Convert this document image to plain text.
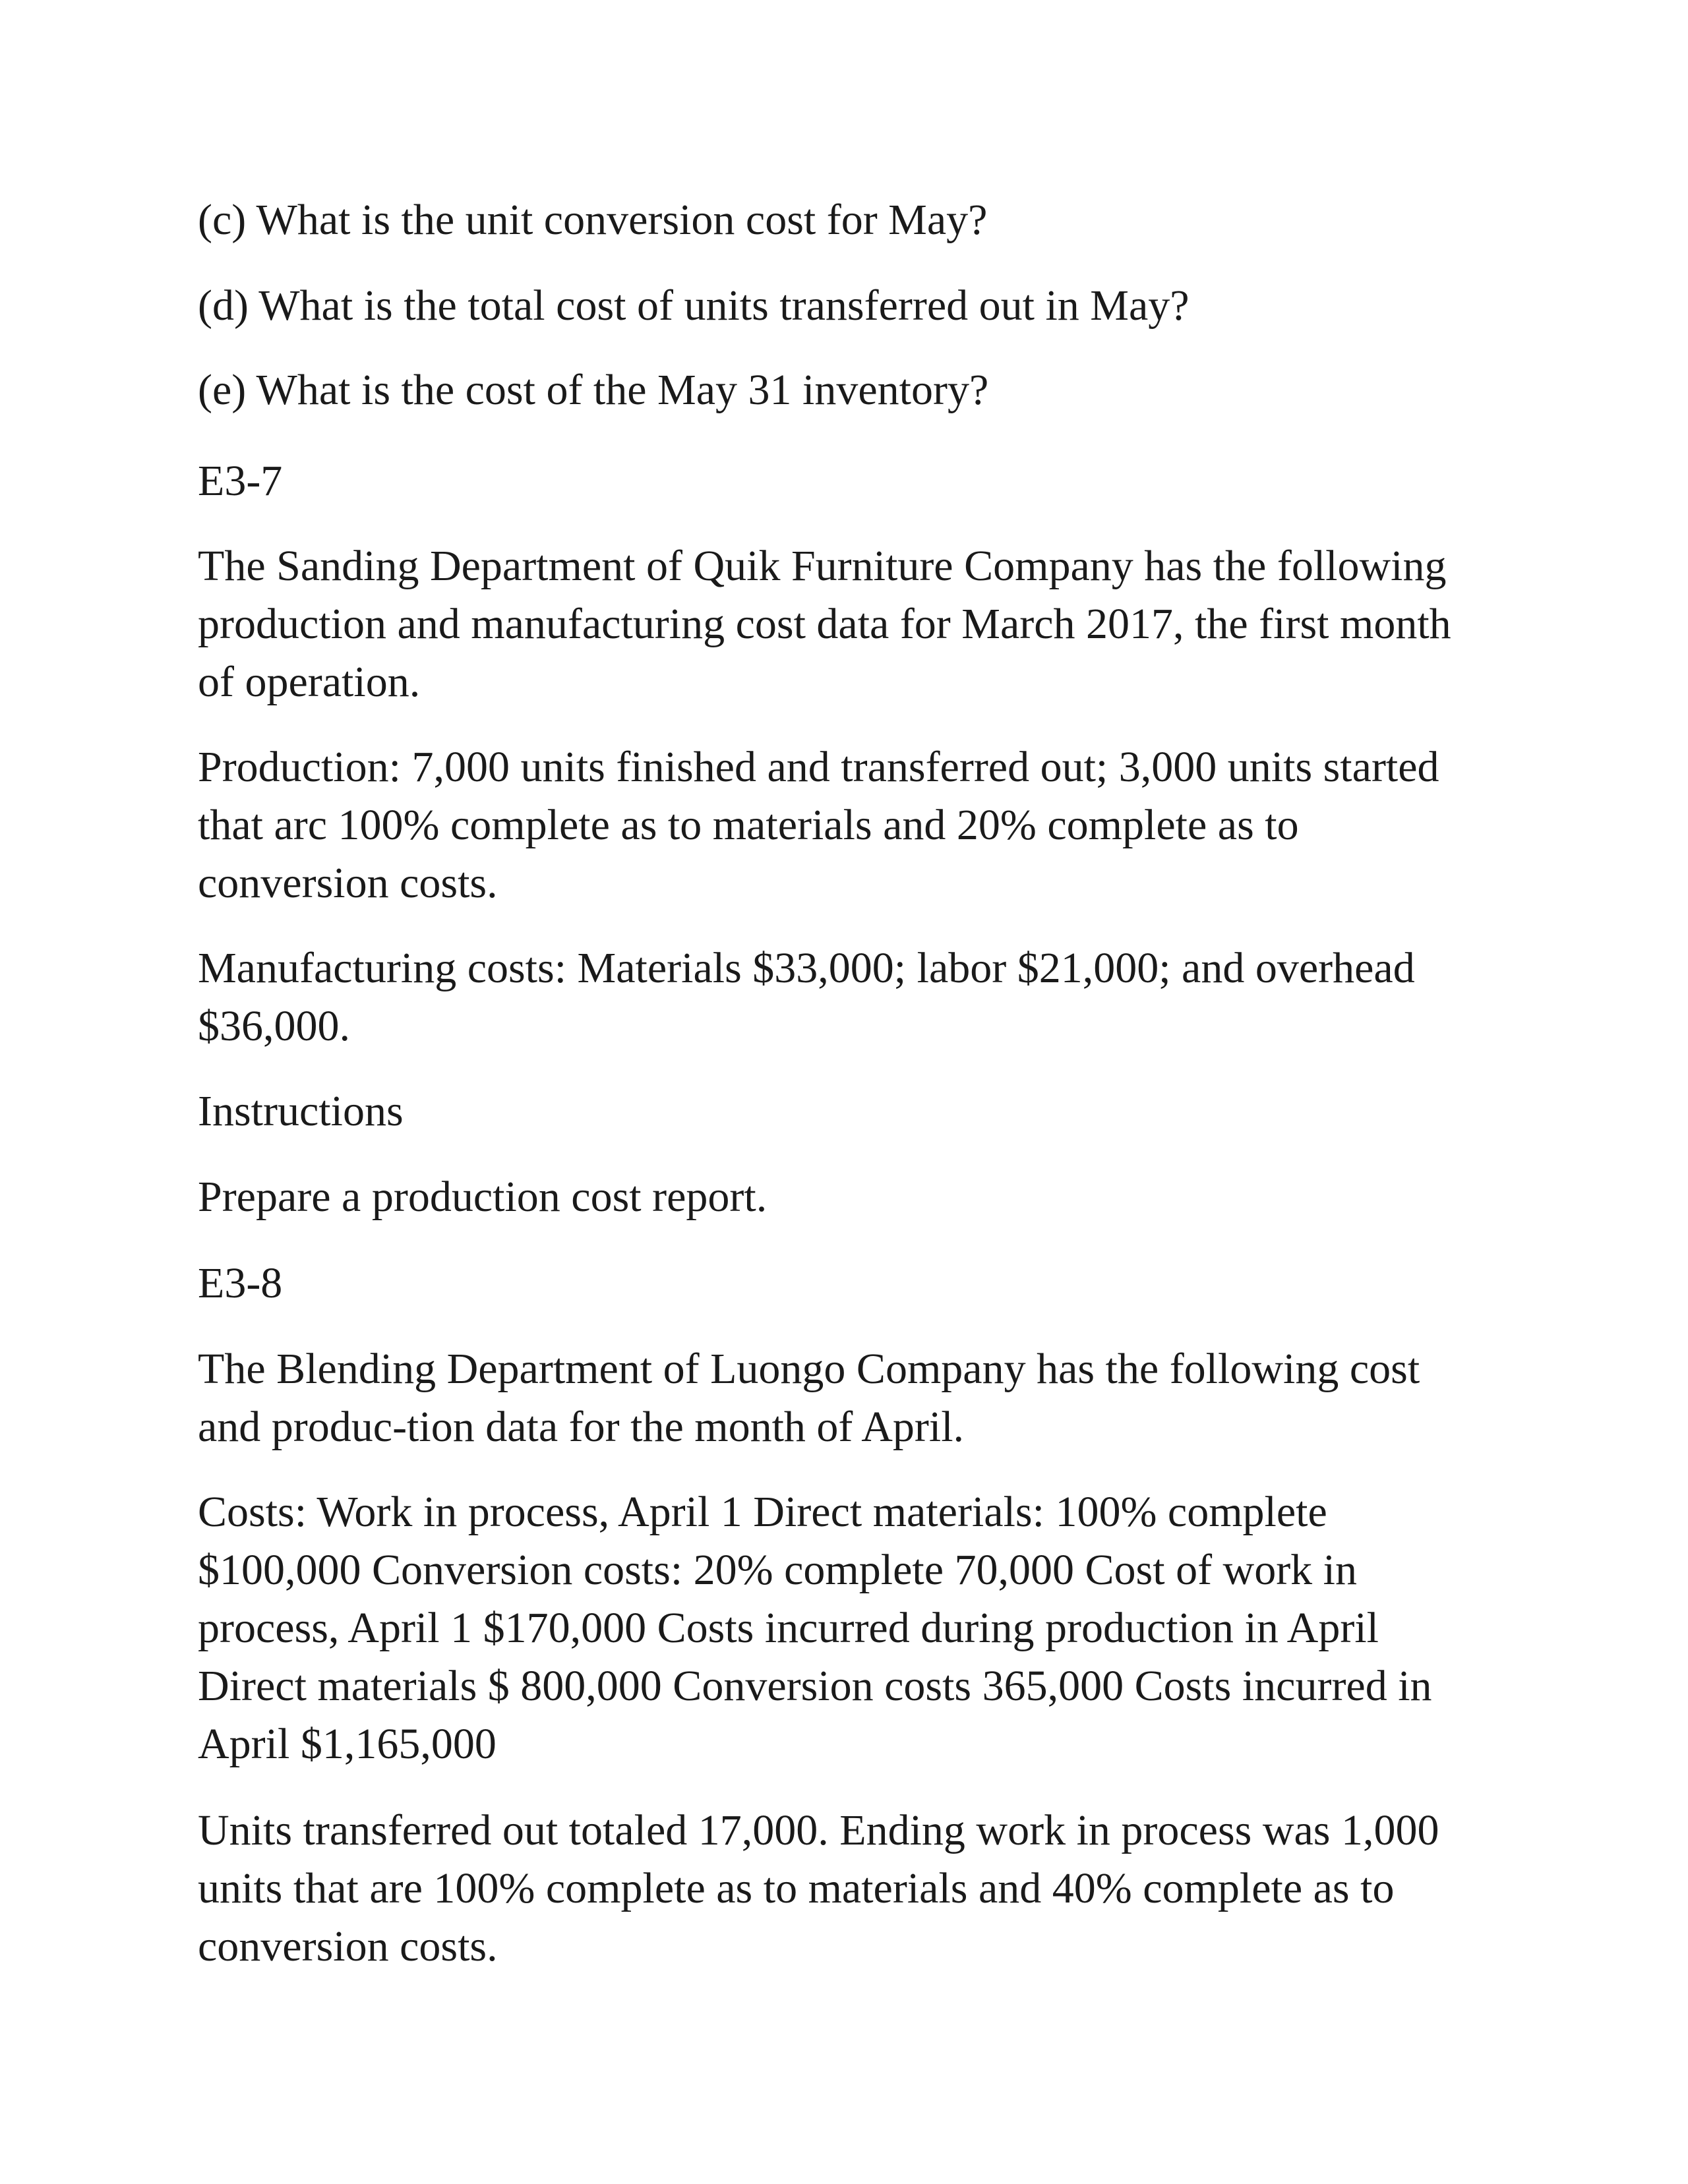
(c) What is the unit conversion cost for May?

(d) What is the total cost of units transferred out in May?

(e) What is the cost of the May 31 inventory?

E3-7

The Sanding Department of Quik Furniture Company has the following
production and manufacturing cost data for March 2017, the first month
of operation.

Production: 7,000 units finished and transferred out; 3,000 units started
that arc 100% complete as to materials and 20% complete as to
conversion costs.

Manufacturing costs: Materials $33,000; labor $21,000; and overhead
$36,000.

Instructions

Prepare a production cost report.

E3-8

The Blending Department of Luongo Company has the following cost
and produc-tion data for the month of April.

Costs: Work in process, April 1 Direct materials: 100% complete
$100,000 Conversion costs: 20% complete 70,000 Cost of work in
process, April 1 $170,000 Costs incurred during production in April
Direct materials $ 800,000 Conversion costs 365,000 Costs incurred in
April $1,165,000

Units transferred out totaled 17,000. Ending work in process was 1,000
units that are 100% complete as to materials and 40% complete as to
conversion costs.
